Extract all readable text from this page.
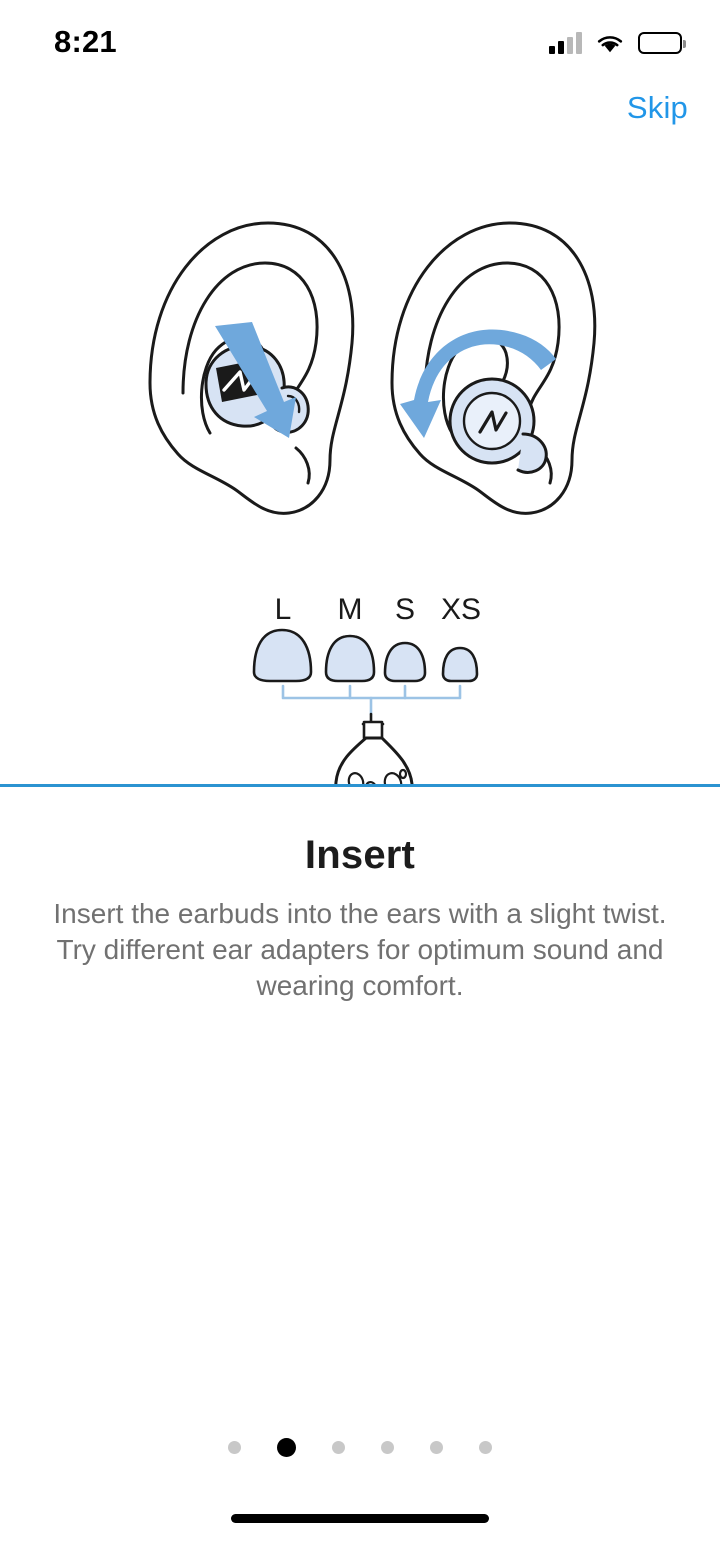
8:21
Skip
L M S XS
Insert

Insert the earbuds into the ears with a slight twist. Try different ear adapters for optimum sound and wearing comfort.
